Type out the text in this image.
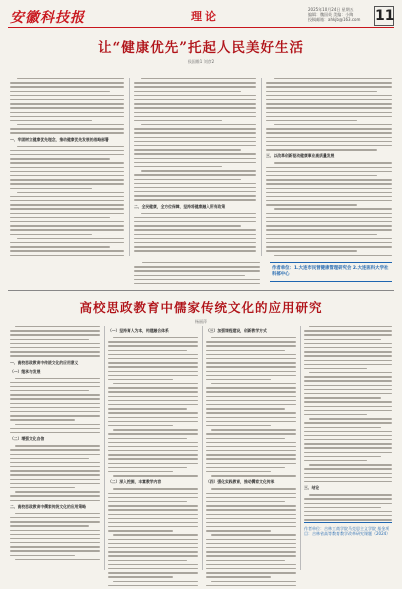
安徽科技报	理论
2025年10月24日 星期五
编辑：魏国英 美编：小陶
投稿邮箱：ahkjb@163.com 11
让“健康优先”托起人民美好生活
侯国维1 刘彦2
一、牢固树立健康优先理念，推动健康优先发展的战略部署
二、全民健康，全方位保障，坚持将健康融入所有政策
三、以改革创新驱动健康事业高质量发展
作者单位：1.大连市民营健康管理研究会 2.大连医科大学社科部中心
高校思政教育中儒家传统文化的应用研究
杨丽萍
一、高校思政教育中传统文化的应用意义
（一）继承与发展
（二）增强文化自信
二、高校思政教育中儒家传统文化的应用策略
（一）坚持育人为本，构建融合体系
（二）深入挖掘，丰富教学内容
（三）加强课程建设，创新教学方式
（四）强化实践教育，推动儒家文化传承
三、结论
作者单位：吉林工商学院马克思主义学院 基金项目：吉林省高等教育教学改革研究课题（2024）
